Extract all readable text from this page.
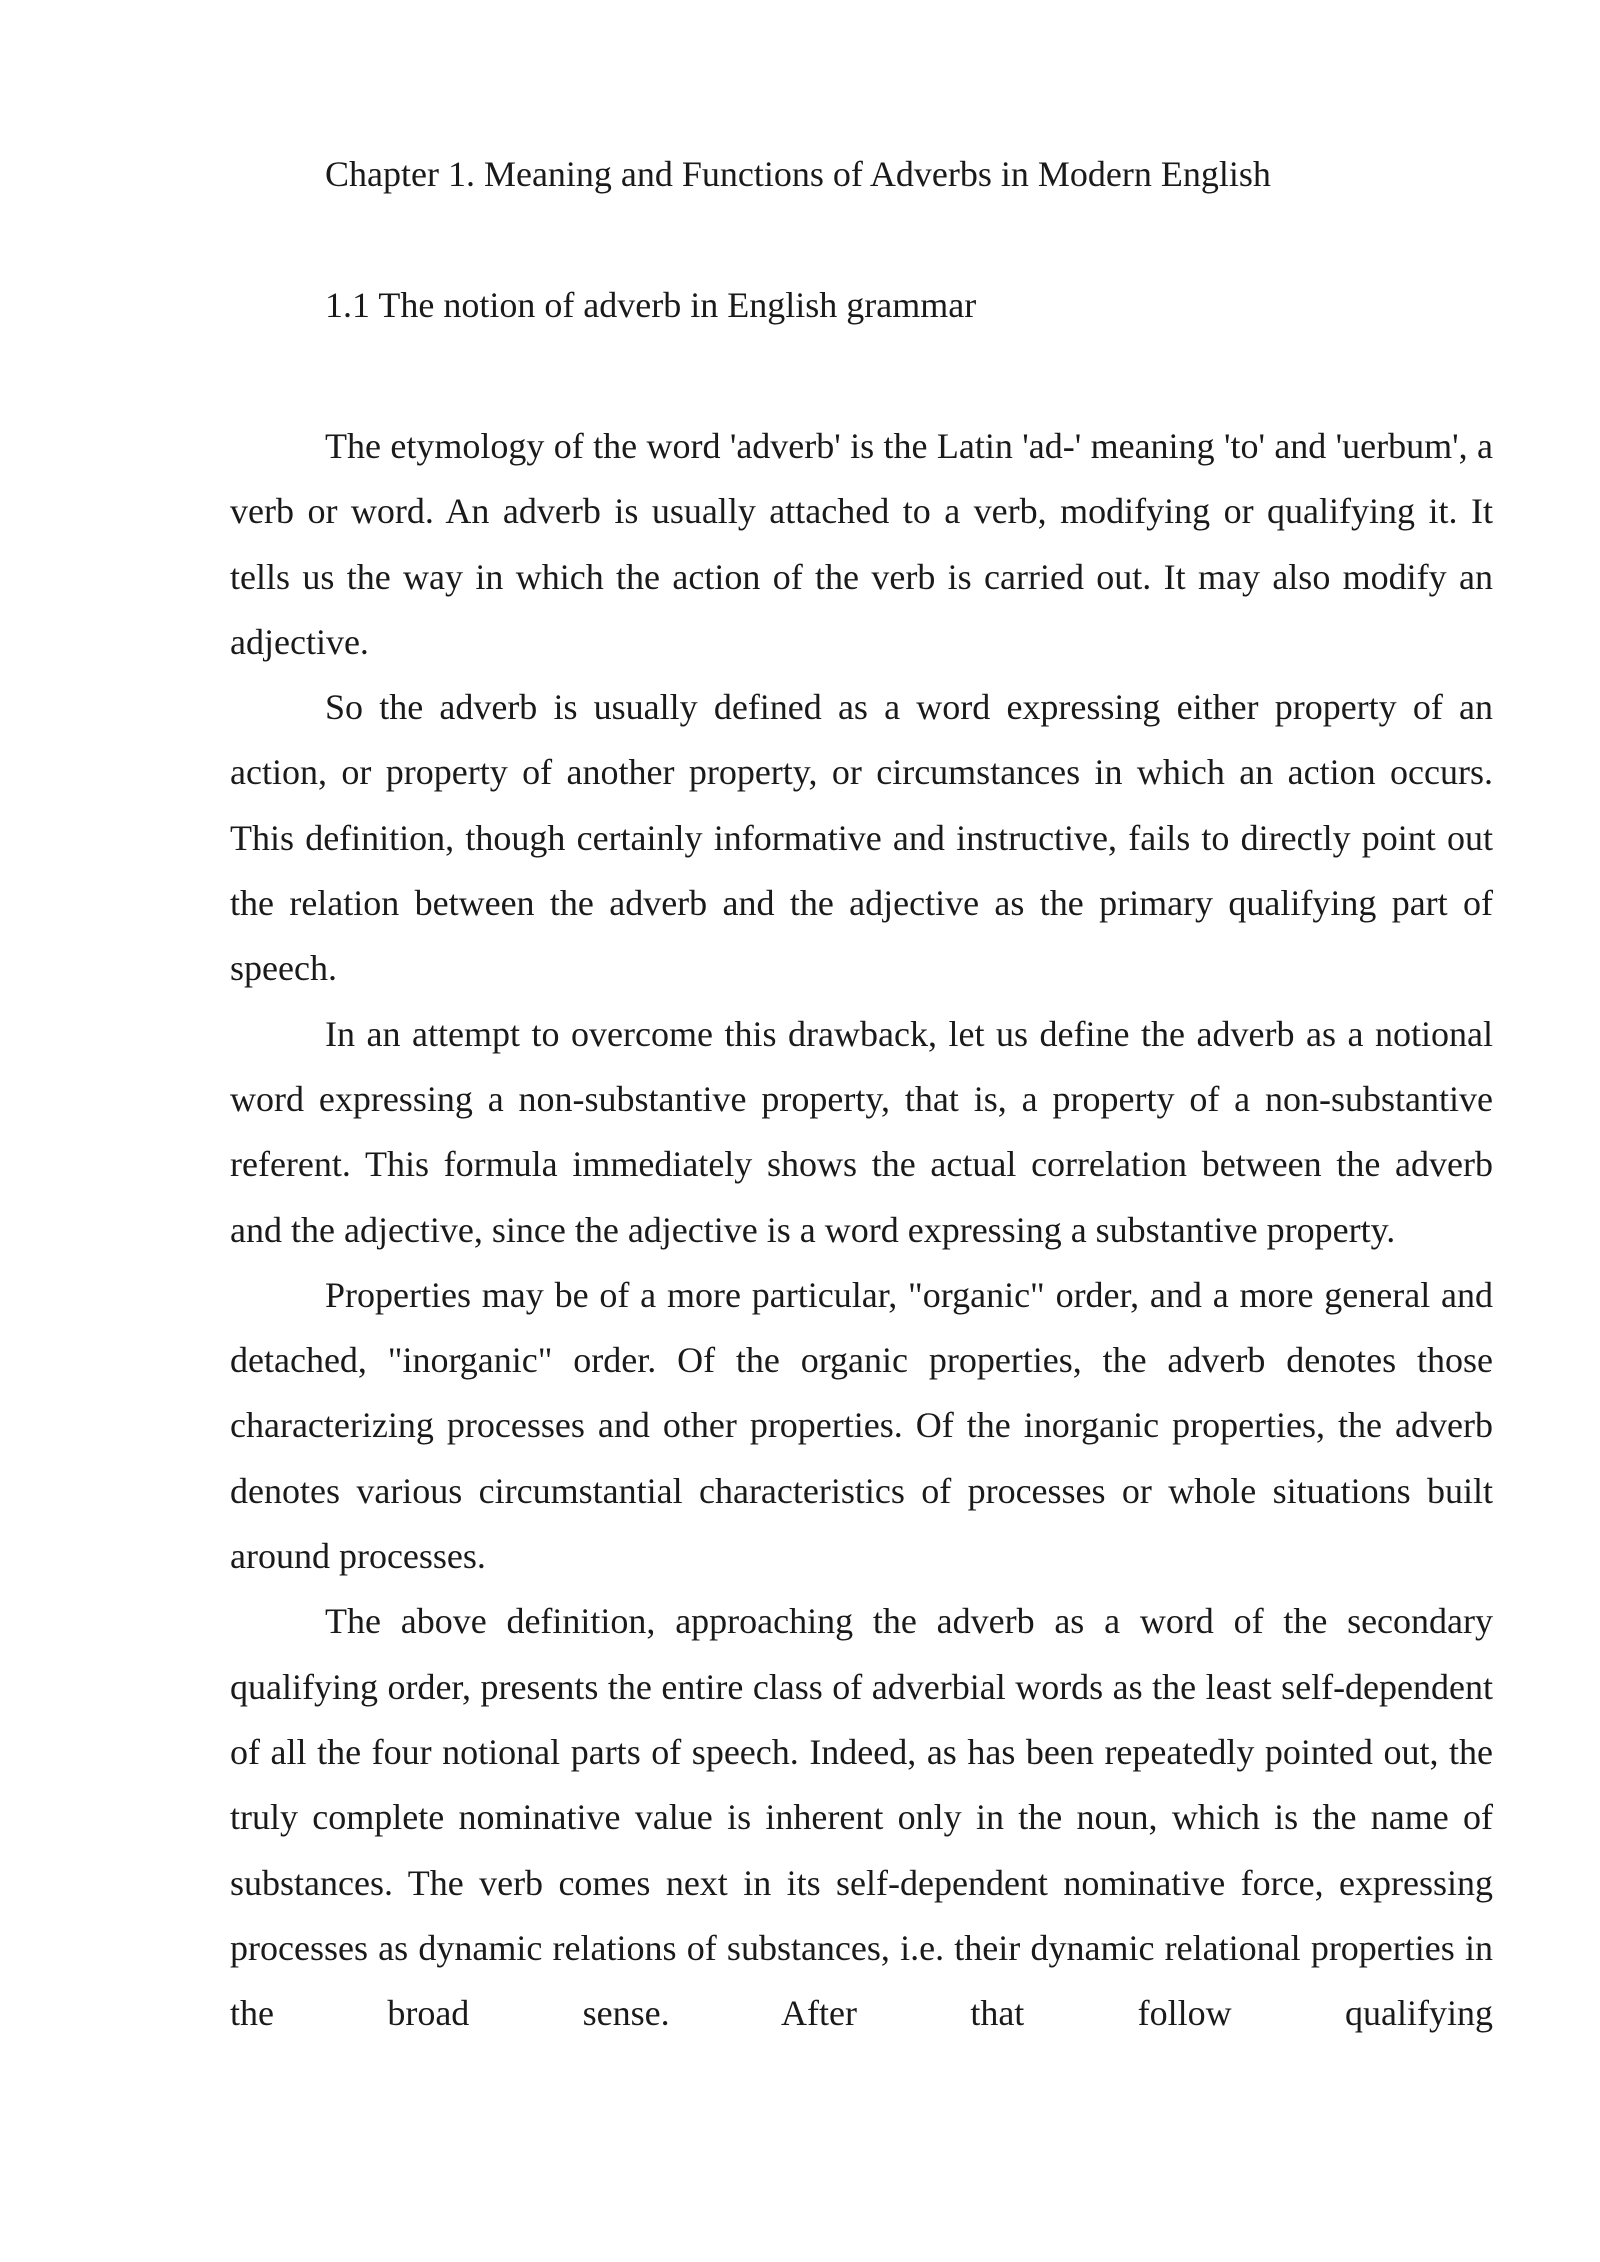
Chapter 1. Meaning and Functions of Adverbs in Modern English
1.1 The notion of adverb in English grammar

The etymology of the word 'adverb' is the Latin 'ad-' meaning 'to' and 'uerbum', a verb or word. An adverb is usually attached to a verb, modifying or qualifying it. It tells us the way in which the action of the verb is carried out. It may also modify an adjective.

So the adverb is usually defined as a word expressing either property of an action, or property of another property, or circumstances in which an action occurs. This definition, though certainly informative and instructive, fails to directly point out the relation between the adverb and the adjective as the primary qualifying part of speech.

In an attempt to overcome this drawback, let us define the adverb as a notional word expressing a non-substantive property, that is, a property of a non-substantive referent. This formula immediately shows the actual correlation between the adverb and the adjective, since the adjective is a word expressing a substantive property.

Properties may be of a more particular, "organic" order, and a more general and detached, "inorganic" order. Of the organic properties, the adverb denotes those characterizing processes and other properties. Of the inorganic properties, the adverb denotes various circumstantial characteristics of processes or whole situations built around processes.

The above definition, approaching the adverb as a word of the secondary qualifying order, presents the entire class of adverbial words as the least self-dependent of all the four notional parts of speech. Indeed, as has been repeatedly pointed out, the truly complete nominative value is inherent only in the noun, which is the name of substances. The verb comes next in its self-dependent nominative force, expressing processes as dynamic relations of substances, i.e. their dynamic relational properties in the broad sense. After that follow qualifying
